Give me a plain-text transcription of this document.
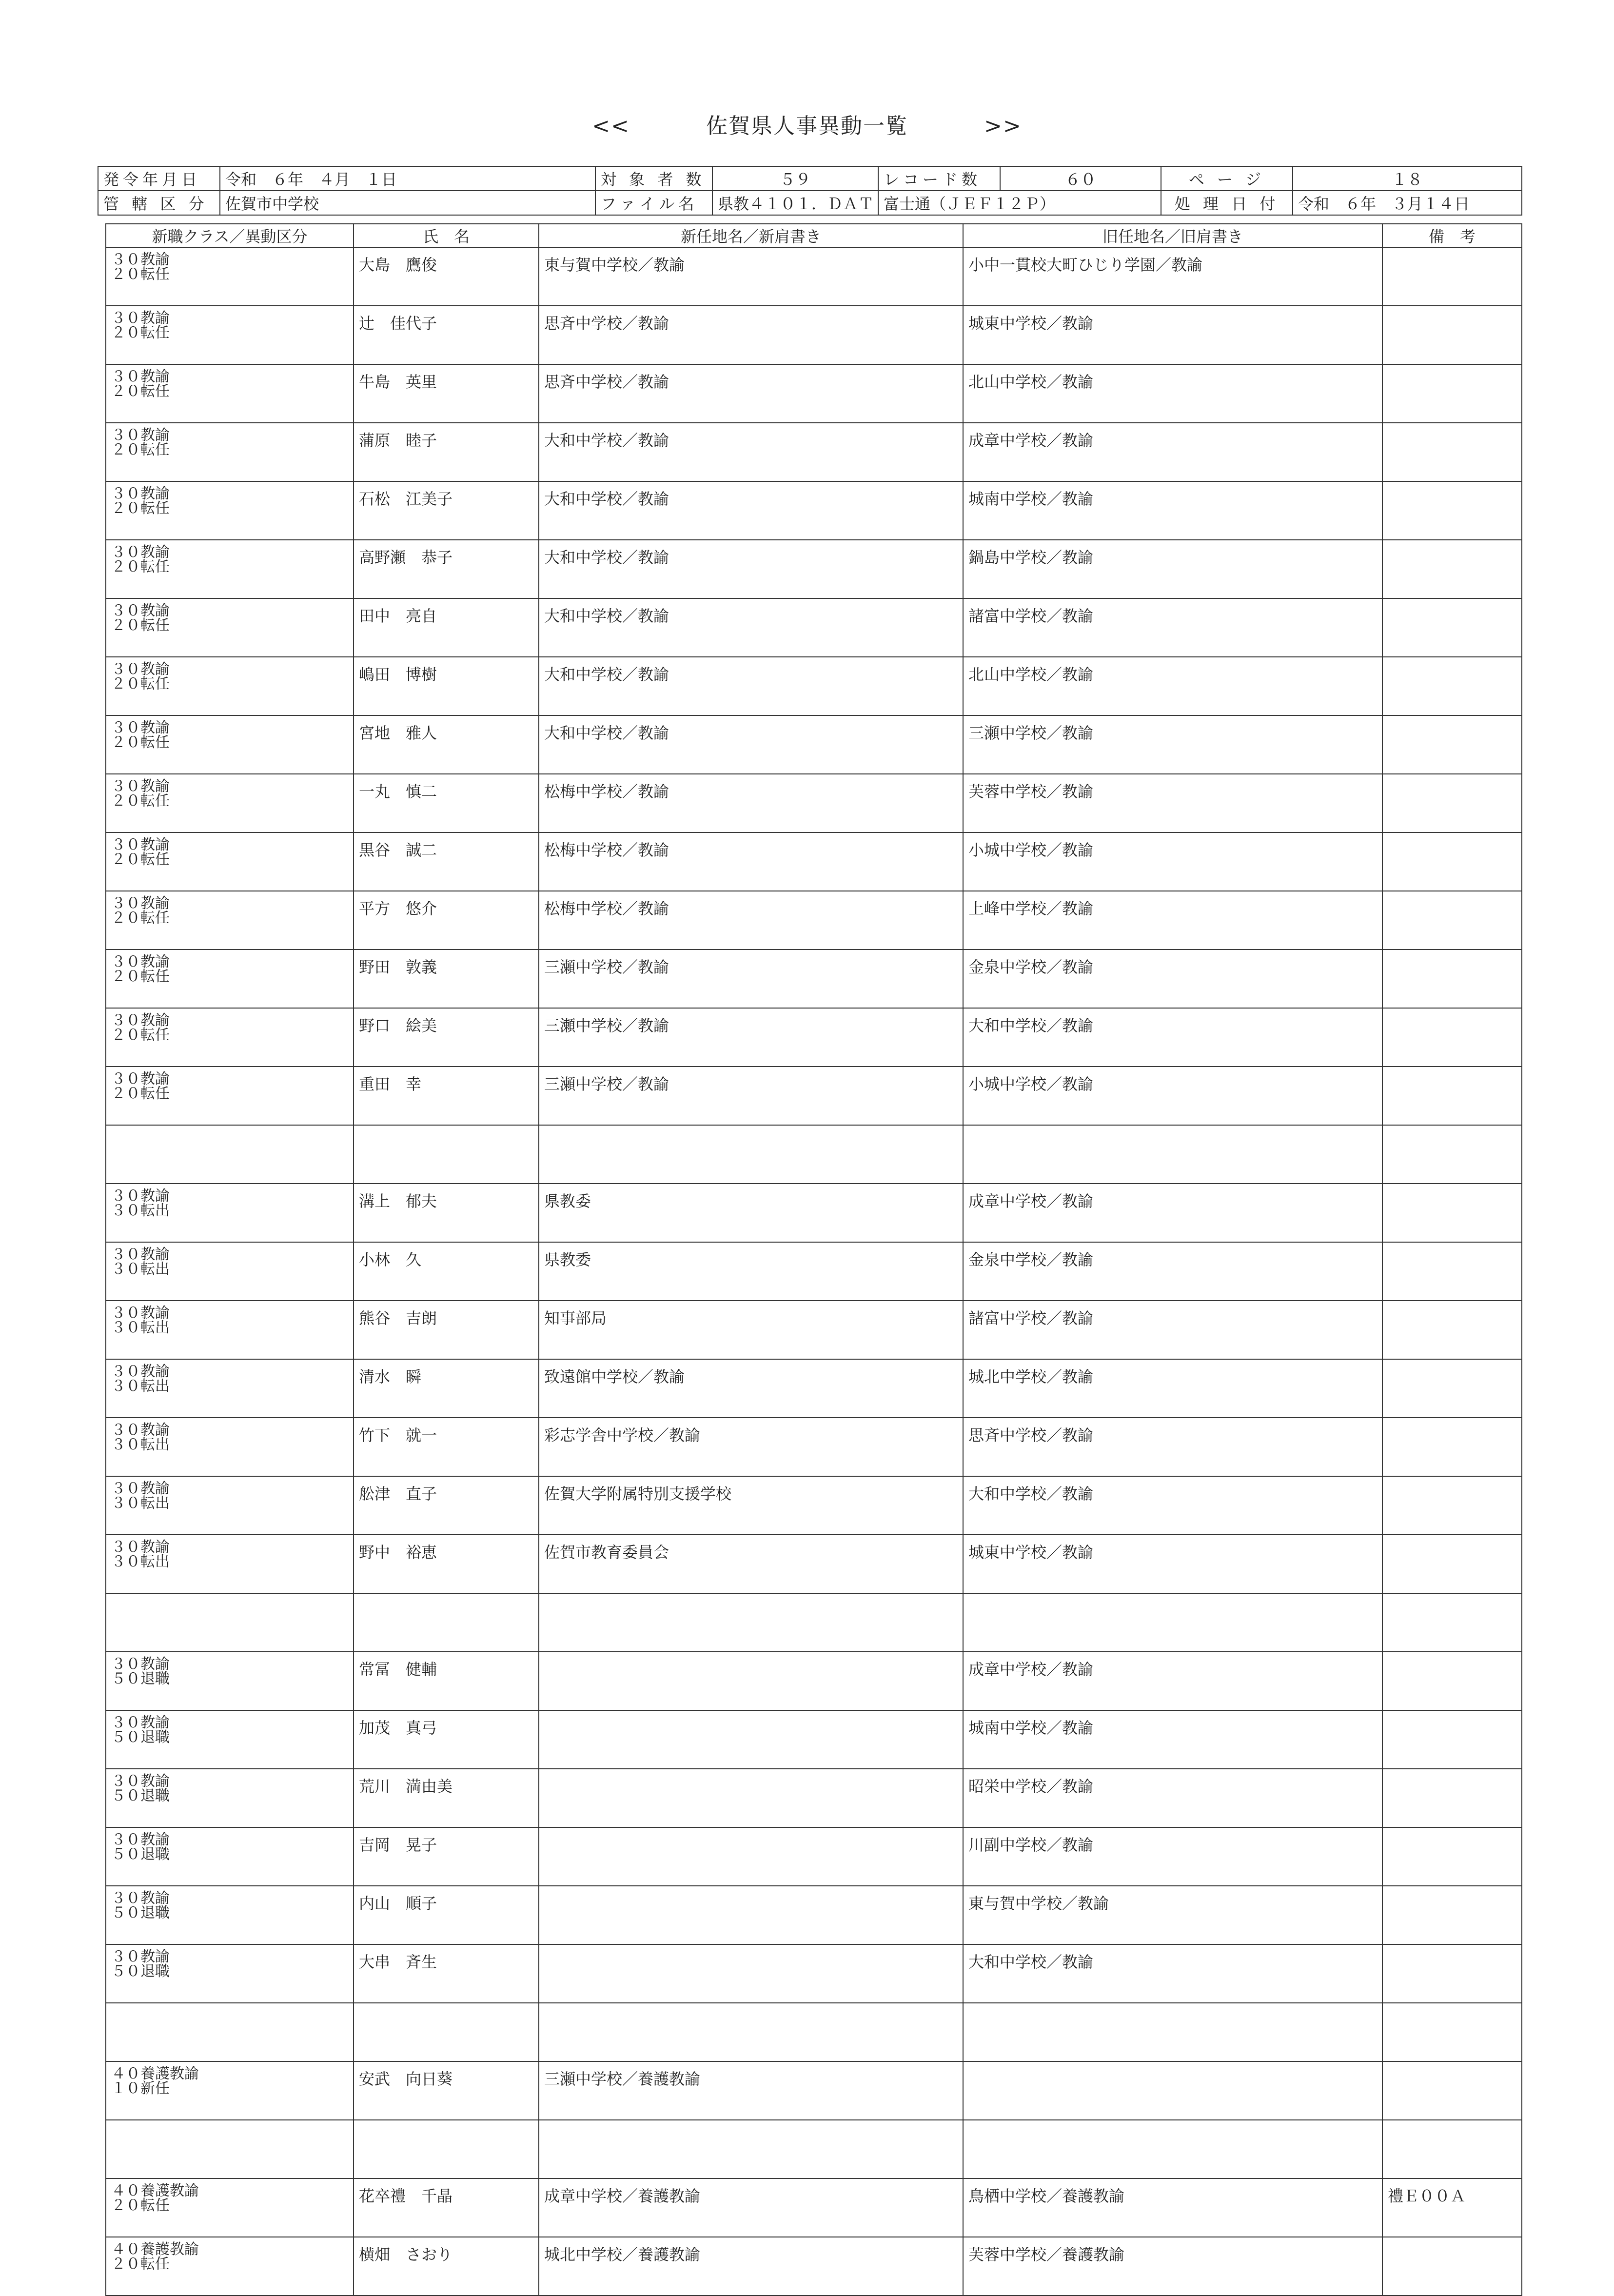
<<	佐賀県人事異動一覧	>>
発令年月日	令和　６年　４月　１日	対 象 者 数	５９	レコード数	６０	ペ ー ジ	１８
管 轄 区 分	佐賀市中学校	ファイル名	県教４１０１．ＤＡＴ	富士通（ＪＥＦ１２Ｐ）		処 理 日 付	令和　６年　３月１４日
新職クラス／異動区分	氏　名	新任地名／新肩書き	旧任地名／旧肩書き	備　考

３０教諭
２０転任	大島　鷹俊	東与賀中学校／教諭	小中一貫校大町ひじり学園／教諭	

３０教諭
２０転任	辻　佳代子	思斉中学校／教諭	城東中学校／教諭	

３０教諭
２０転任	牛島　英里	思斉中学校／教諭	北山中学校／教諭	

３０教諭
２０転任	蒲原　睦子	大和中学校／教諭	成章中学校／教諭	

３０教諭
２０転任	石松　江美子	大和中学校／教諭	城南中学校／教諭	

３０教諭
２０転任	高野瀬　恭子	大和中学校／教諭	鍋島中学校／教諭	

３０教諭
２０転任	田中　亮自	大和中学校／教諭	諸富中学校／教諭	

３０教諭
２０転任	嶋田　博樹	大和中学校／教諭	北山中学校／教諭	

３０教諭
２０転任	宮地　雅人	大和中学校／教諭	三瀬中学校／教諭	

３０教諭
２０転任	一丸　慎二	松梅中学校／教諭	芙蓉中学校／教諭	

３０教諭
２０転任	黒谷　誠二	松梅中学校／教諭	小城中学校／教諭	

３０教諭
２０転任	平方　悠介	松梅中学校／教諭	上峰中学校／教諭	

３０教諭
２０転任	野田　敦義	三瀬中学校／教諭	金泉中学校／教諭	

３０教諭
２０転任	野口　絵美	三瀬中学校／教諭	大和中学校／教諭	

３０教諭
２０転任	重田　幸	三瀬中学校／教諭	小城中学校／教諭	

３０教諭
３０転出	溝上　郁夫	県教委	成章中学校／教諭	

３０教諭
３０転出	小林　久	県教委	金泉中学校／教諭	

３０教諭
３０転出	熊谷　吉朗	知事部局	諸富中学校／教諭	

３０教諭
３０転出	清水　瞬	致遠館中学校／教諭	城北中学校／教諭	

３０教諭
３０転出	竹下　就一	彩志学舎中学校／教諭	思斉中学校／教諭	

３０教諭
３０転出	舩津　直子	佐賀大学附属特別支援学校	大和中学校／教諭	

３０教諭
３０転出	野中　裕恵	佐賀市教育委員会	城東中学校／教諭	

３０教諭
５０退職	常冨　健輔		成章中学校／教諭	

３０教諭
５０退職	加茂　真弓		城南中学校／教諭	

３０教諭
５０退職	荒川　満由美		昭栄中学校／教諭	

３０教諭
５０退職	吉岡　晃子		川副中学校／教諭	

３０教諭
５０退職	内山　順子		東与賀中学校／教諭	

３０教諭
５０退職	大串　斉生		大和中学校／教諭	

４０養護教諭
１０新任	安武　向日葵	三瀬中学校／養護教諭		

４０養護教諭
２０転任	花卒禮　千晶	成章中学校／養護教諭	鳥栖中学校／養護教諭	禮Ｅ００Ａ

４０養護教諭
２０転任	横畑　さおり	城北中学校／養護教諭	芙蓉中学校／養護教諭	
